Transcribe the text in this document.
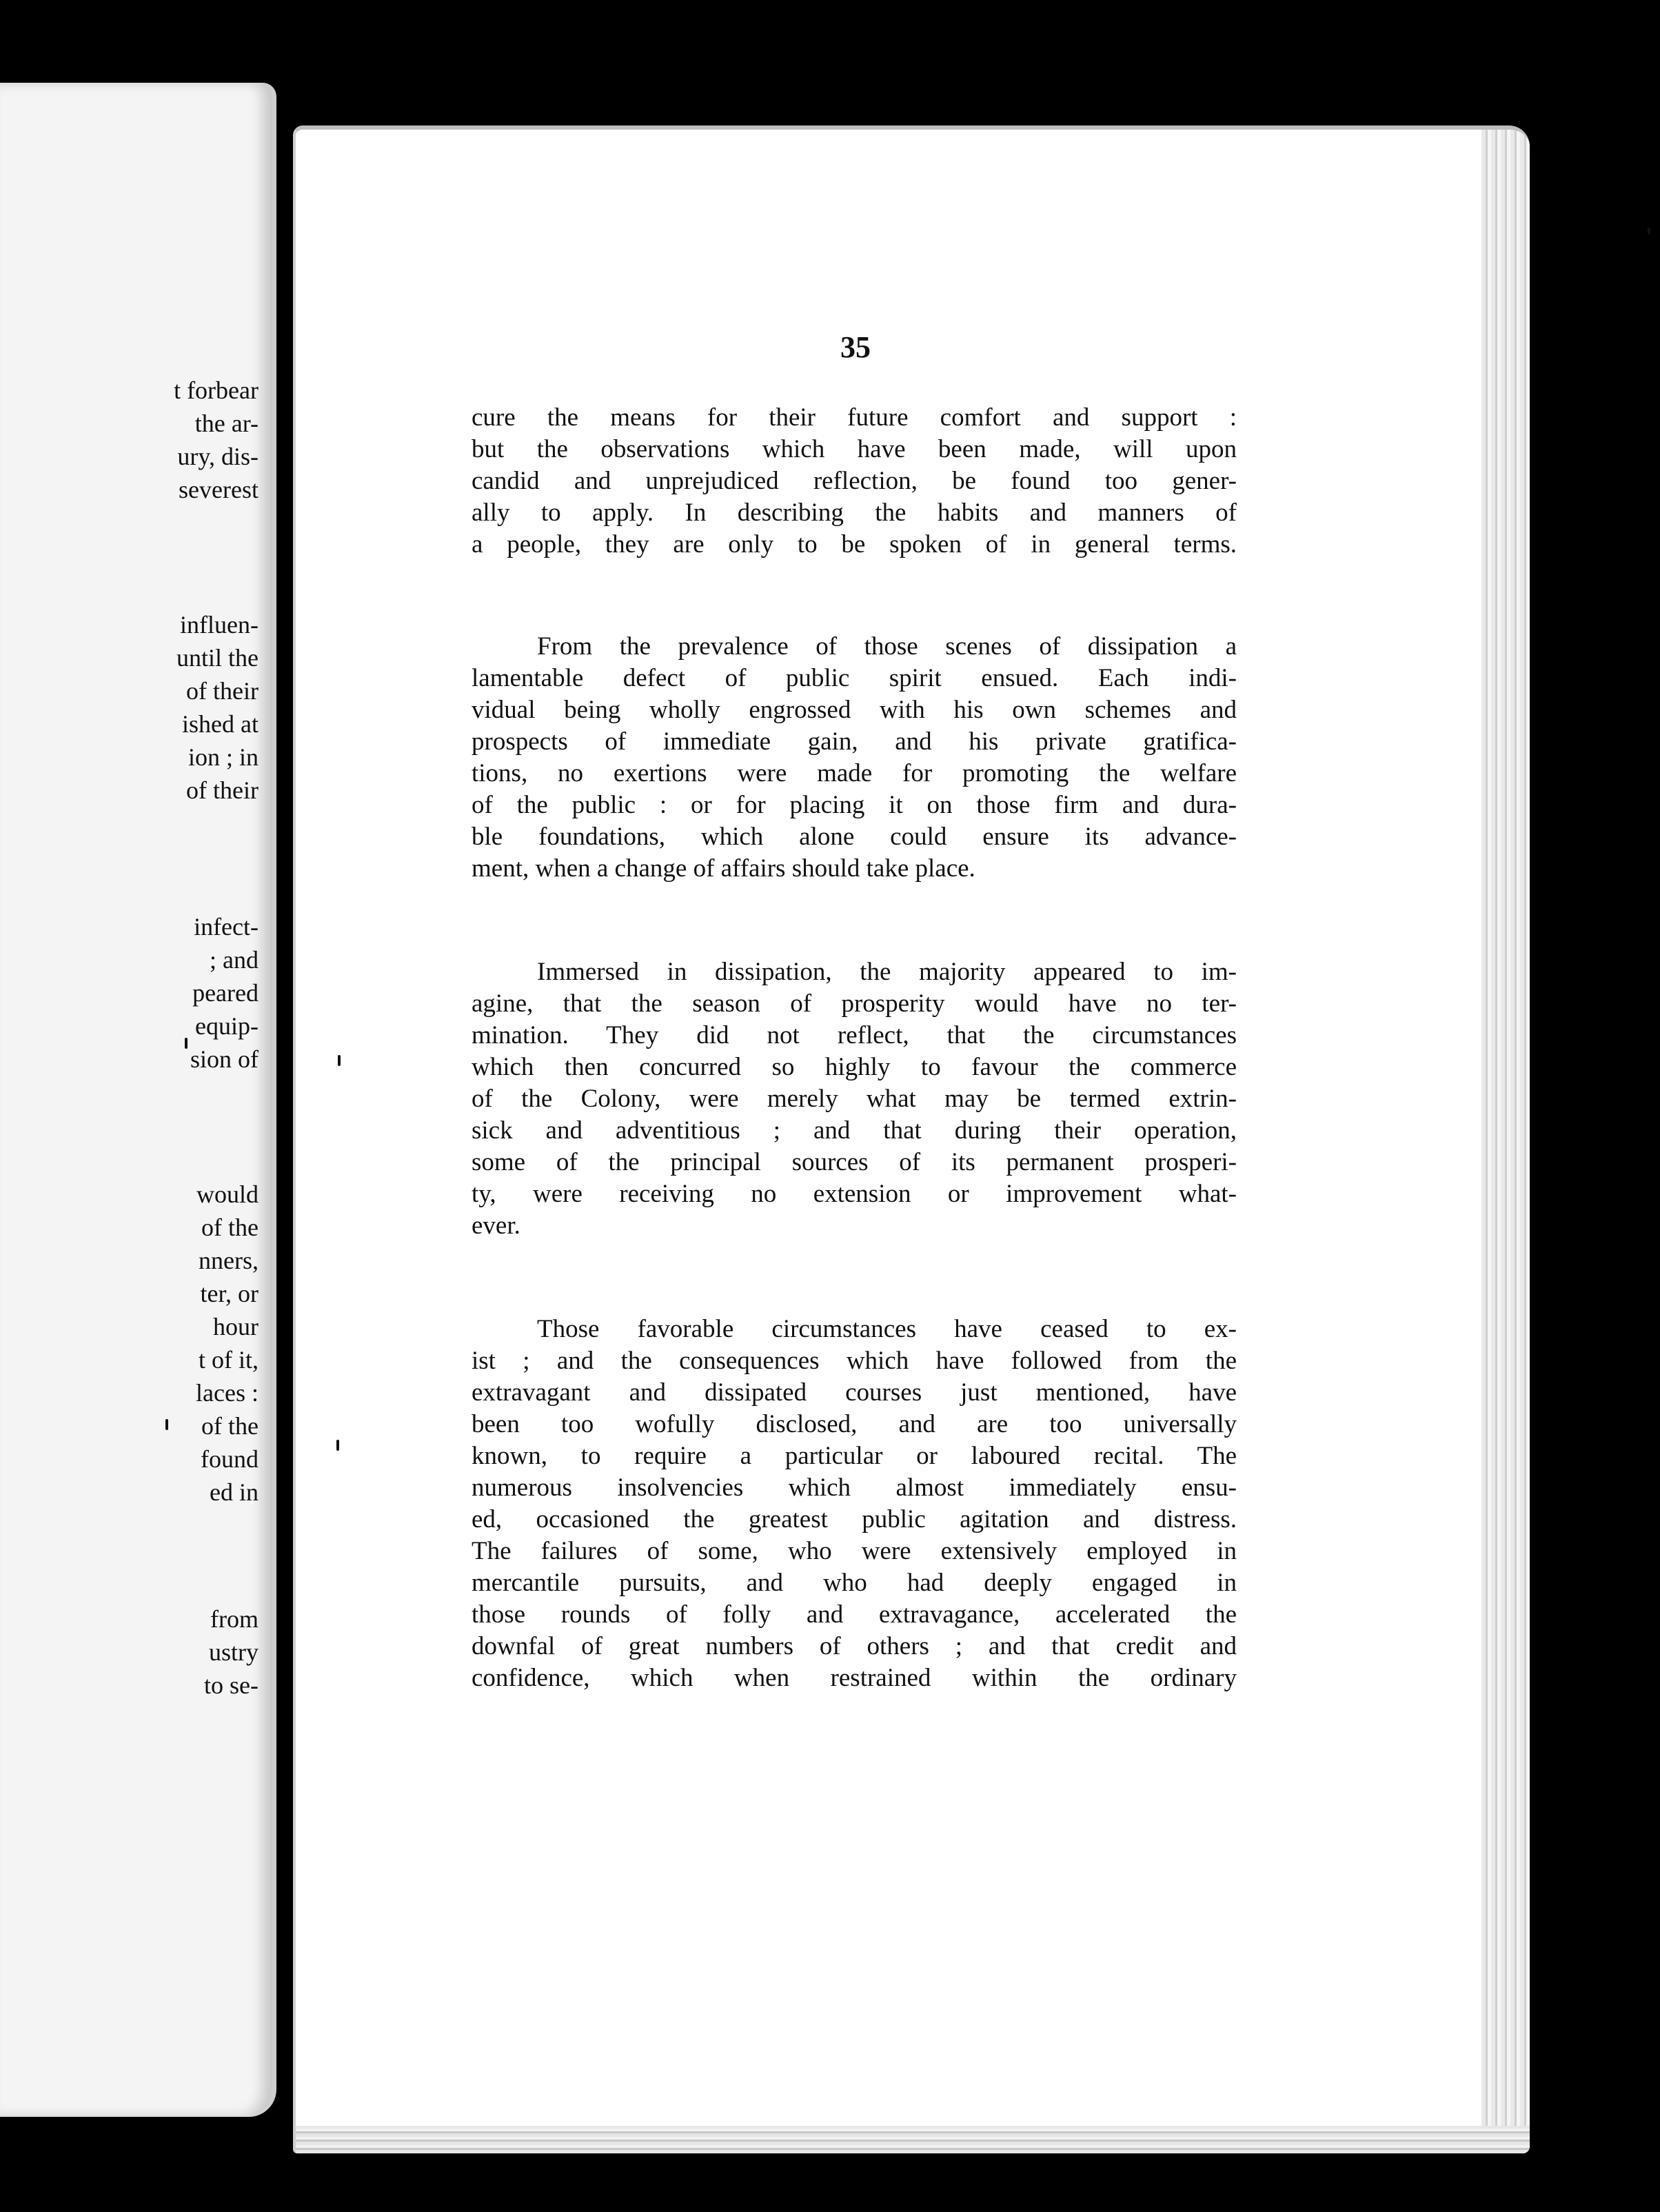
t forbear
the ar-
ury, dis-
severest
influen-
until the
of their
ished at
ion ; in
of their
infect-
; and
peared
equip-
sion of
would
of the
nners,
ter, or
hour
t of it,
laces :
of the
found
ed in
from
ustry
to se-
35
cure the means for their future comfort and support :
but the observations which have been made, will upon
candid and unprejudiced reflection, be found too gener-
ally to apply. In describing the habits and manners of
a people, they are only to be spoken of in general terms.
From the prevalence of those scenes of dissipation a
lamentable defect of public spirit ensued. Each indi-
vidual being wholly engrossed with his own schemes and
prospects of immediate gain, and his private gratifica-
tions, no exertions were made for promoting the welfare
of the public : or for placing it on those firm and dura-
ble foundations, which alone could ensure its advance-
ment, when a change of affairs should take place.
Immersed in dissipation, the majority appeared to im-
agine, that the season of prosperity would have no ter-
mination. They did not reflect, that the circumstances
which then concurred so highly to favour the commerce
of the Colony, were merely what may be termed extrin-
sick and adventitious ; and that during their operation,
some of the principal sources of its permanent prosperi-
ty, were receiving no extension or improvement what-
ever.
Those favorable circumstances have ceased to ex-
ist ; and the consequences which have followed from the
extravagant and dissipated courses just mentioned, have
been too wofully disclosed, and are too universally
known, to require a particular or laboured recital. The
numerous insolvencies which almost immediately ensu-
ed, occasioned the greatest public agitation and distress.
The failures of some, who were extensively employed in
mercantile pursuits, and who had deeply engaged in
those rounds of folly and extravagance, accelerated the
downfal of great numbers of others ; and that credit and
confidence, which when restrained within the ordinary
